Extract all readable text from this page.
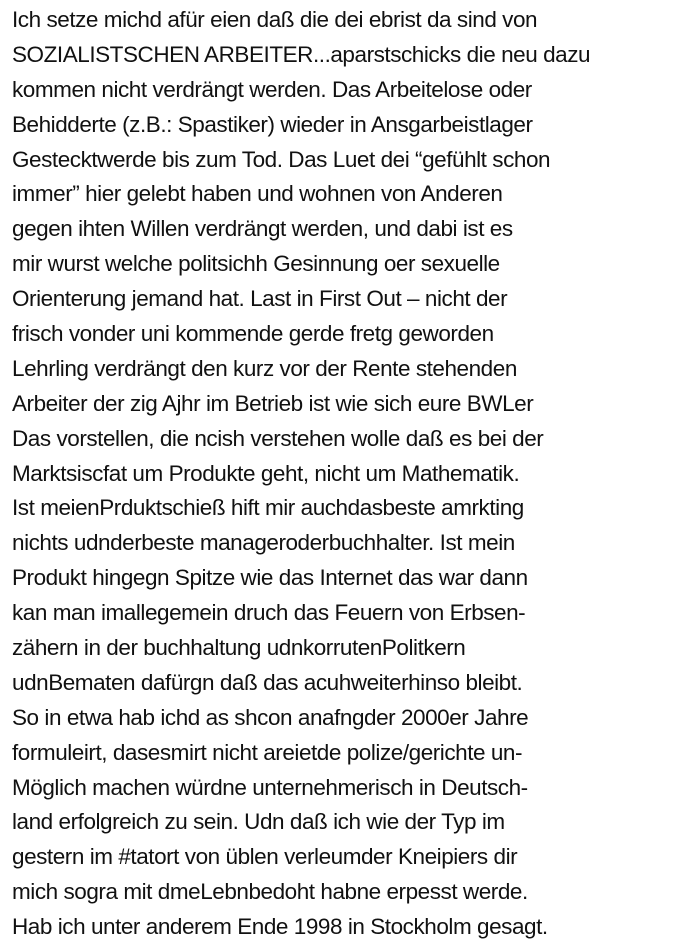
Ich setze michd afür eien daß die dei ebrist da sind von
SOZIALISTSCHEN ARBEITER...aparstschicks die neu dazu
kommen nicht verdrängt werden. Das Arbeitelose oder
Behidderte (z.B.: Spastiker) wieder in Ansgarbeistlager
Gestecktwerde bis zum Tod. Das Luet dei “gefühlt schon
immer” hier gelebt haben und wohnen von Anderen
gegen ihten Willen verdrängt werden, und dabi ist es
mir wurst welche politsichh Gesinnung oer sexuelle
Orienterung jemand hat. Last in First Out – nicht der
frisch vonder uni kommende gerde fretg geworden
Lehrling verdrängt den kurz vor der Rente stehenden
Arbeiter der zig Ajhr im Betrieb ist wie sich eure BWLer
Das vorstellen, die ncish verstehen wolle daß es bei der
Marktsiscfat um Produkte geht, nicht um Mathematik.
Ist meienPrduktschieß hift mir auchdasbeste amrkting
nichts udnderbeste manageroderbuchhalter. Ist mein
Produkt hingegn Spitze wie das Internet das war dann
kan man imallegemein druch das Feuern von Erbsen-
zähern in der buchhaltung udnkorrutenPolitkern
udnBematen dafürgn daß das acuhweiterhinso bleibt.
So in etwa hab ichd as shcon anafngder 2000er Jahre
formuleirt, dasesmirt nicht areietde polize/gerichte un-
Möglich machen würdne unternehmerisch in Deutsch-
land erfolgreich zu sein. Udn daß ich wie der Typ im
gestern im #tatort von üblen verleumder Kneipiers dir
mich sogra mit dmeLebnbedoht habne erpesst werde.
Hab ich unter anderem Ende 1998 in Stockholm gesagt.
